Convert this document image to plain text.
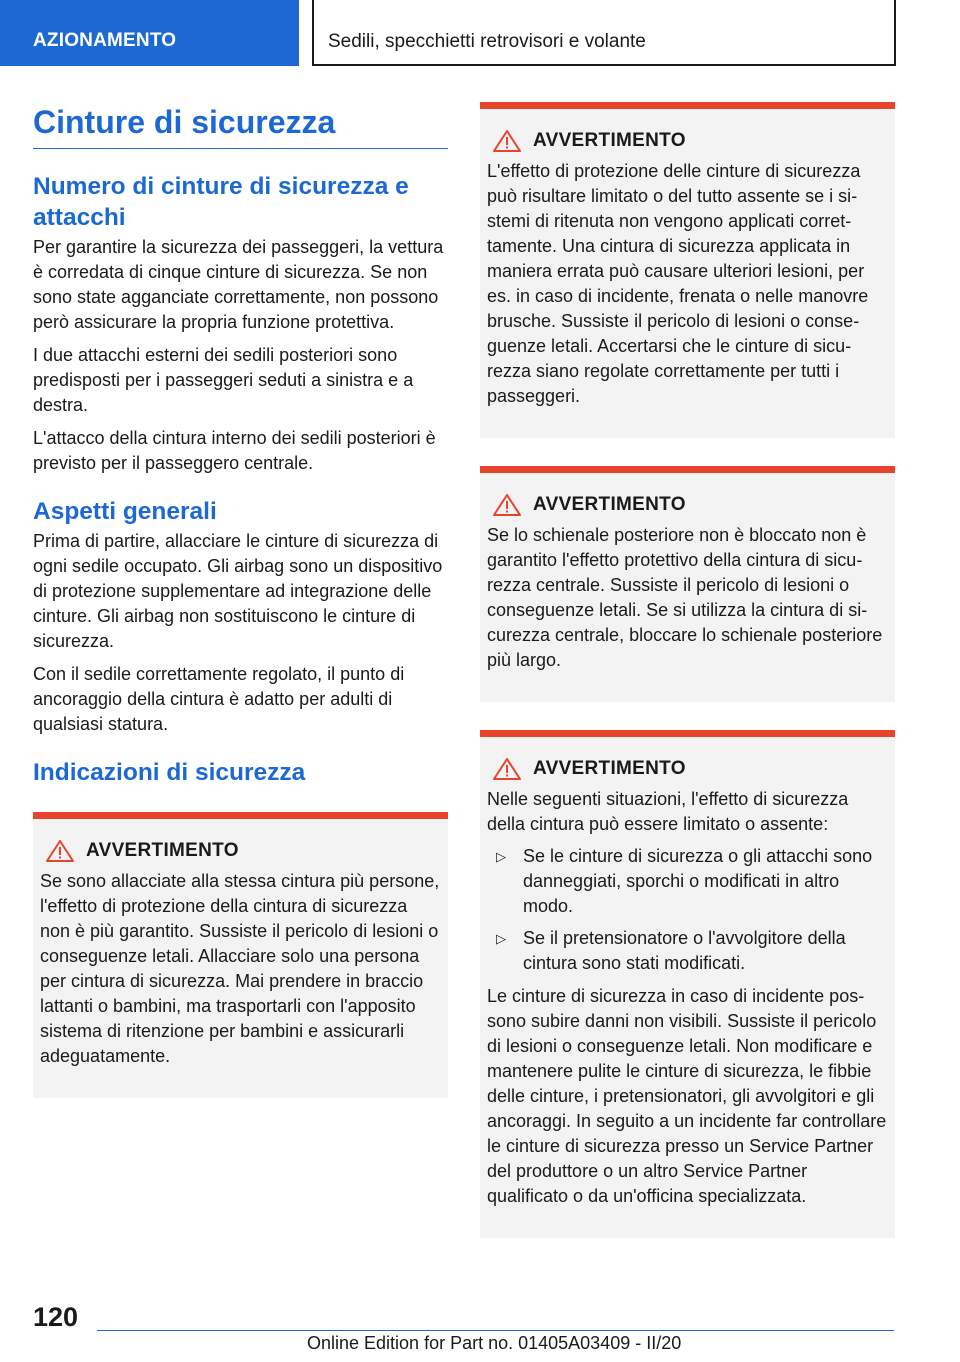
AZIONAMENTO	Sedili, specchietti retrovisori e volante
Cinture di sicurezza
Numero di cinture di sicurezza e attacchi

Per garantire la sicurezza dei passeggeri, la vettura è corredata di cinque cinture di sicurezza. Se non sono state agganciate correttamente, non possono però assicurare la propria funzione protettiva.

I due attacchi esterni dei sedili posteriori sono predisposti per i passeggeri seduti a sinistra e a destra.

L'attacco della cintura interno dei sedili posteriori è previsto per il passeggero centrale.

Aspetti generali

Prima di partire, allacciare le cinture di sicurezza di ogni sedile occupato. Gli airbag sono un dispositivo di protezione supplementare ad integrazione delle cinture. Gli airbag non sostituiscono le cinture di sicurezza.

Con il sedile correttamente regolato, il punto di ancoraggio della cintura è adatto per adulti di qualsiasi statura.

Indicazioni di sicurezza
AVVERTIMENTO

Se sono allacciate alla stessa cintura più persone, l'effetto di protezione della cintura di sicurezza non è più garantito. Sussiste il pericolo di lesioni o conseguenze letali. Allacciare solo una persona per cintura di sicurezza. Mai prendere in braccio lattanti o bambini, ma trasportarli con l'apposito sistema di ritenzione per bambini e assicurarli adeguatamente.

AVVERTIMENTO

L'effetto di protezione delle cinture di sicurezza può risultare limitato o del tutto assente se i sistemi di ritenuta non vengono applicati correttamente. Una cintura di sicurezza applicata in maniera errata può causare ulteriori lesioni, per es. in caso di incidente, frenata o nelle manovre brusche. Sussiste il pericolo di lesioni o conseguenze letali. Accertarsi che le cinture di sicurezza siano regolate correttamente per tutti i passeggeri.

AVVERTIMENTO

Se lo schienale posteriore non è bloccato non è garantito l'effetto protettivo della cintura di sicurezza centrale. Sussiste il pericolo di lesioni o conseguenze letali. Se si utilizza la cintura di sicurezza centrale, bloccare lo schienale posteriore più largo.

AVVERTIMENTO

Nelle seguenti situazioni, l'effetto di sicurezza della cintura può essere limitato o assente:

▷ Se le cinture di sicurezza o gli attacchi sono danneggiati, sporchi o modificati in altro modo.
▷ Se il pretensionatore o l'avvolgitore della cintura sono stati modificati.

Le cinture di sicurezza in caso di incidente possono subire danni non visibili. Sussiste il pericolo di lesioni o conseguenze letali. Non modificare e mantenere pulite le cinture di sicurezza, le fibbie delle cinture, i pretensionatori, gli avvolgitori e gli ancoraggi. In seguito a un incidente far controllare le cinture di sicurezza presso un Service Partner del produttore o un altro Service Partner qualificato o da un'officina specializzata.

120
Online Edition for Part no. 01405A03409 - II/20
